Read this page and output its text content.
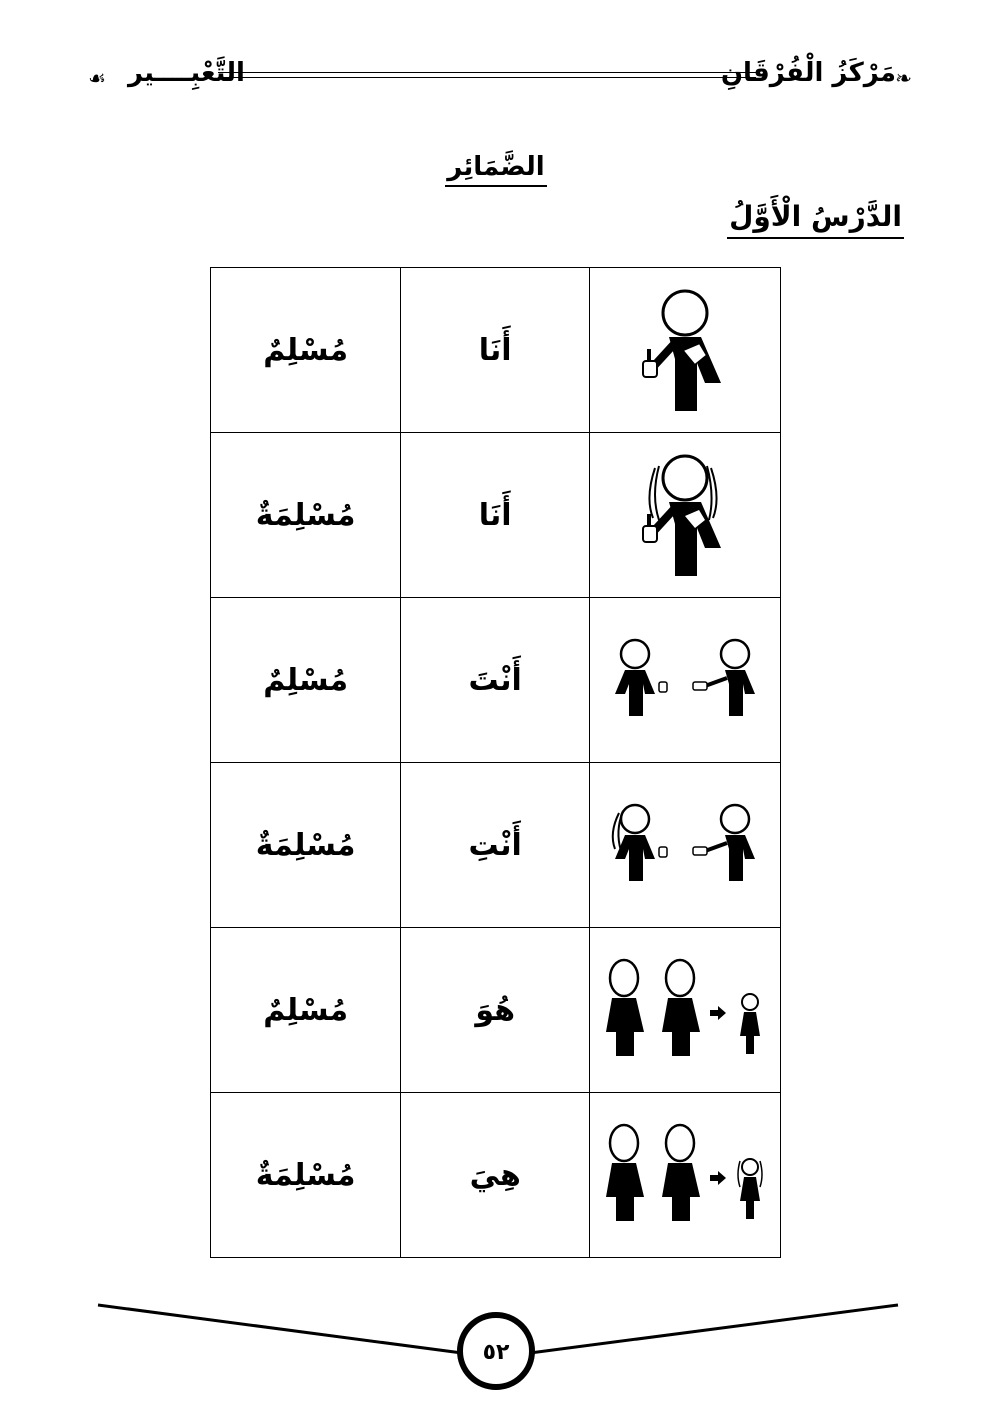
❧
مَرْكَزُ الْفُرْقَانِ
التَّعْبِــــير
☙
الضَّمَائِر
الدَّرْسُ الْأَوَّلُ
مُسْلِمٌ	أَنَا	
مُسْلِمَةٌ	أَنَا	
مُسْلِمٌ	أَنْتَ	
مُسْلِمَةٌ	أَنْتِ	
مُسْلِمٌ	هُوَ	
مُسْلِمَةٌ	هِيَ	
٥٢
